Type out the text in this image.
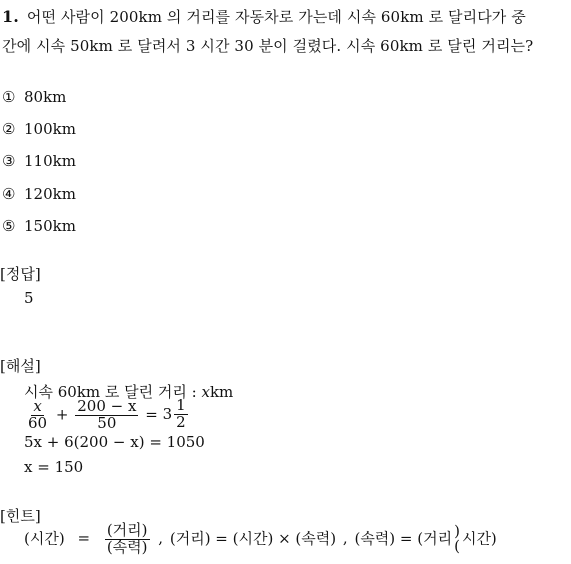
1. 어떤 사람이 200km 의 거리를 자동차로 가는데 시속 60km 로 달리다가 중
간에 시속 50km 로 달려서 3 시간 30 분이 걸렸다. 시속 60km 로 달린 거리는?
① 80km
② 100km
③ 110km
④ 120km
⑤ 150km
[정답]
5
[해설]
시속 60km 로 달린 거리 : xkm
$\frac{x}{60} + \frac{200 - x}{50} = 3 \frac{1}{2}$
5x + 6(200 − x) = 1050
x = 150
[힌트]
(시간) = $\frac{\text{(거리)}}{\text{(속력)}}$ , (거리) = (시간) × (속력) , (속력) = (거리 )
( 시간)
